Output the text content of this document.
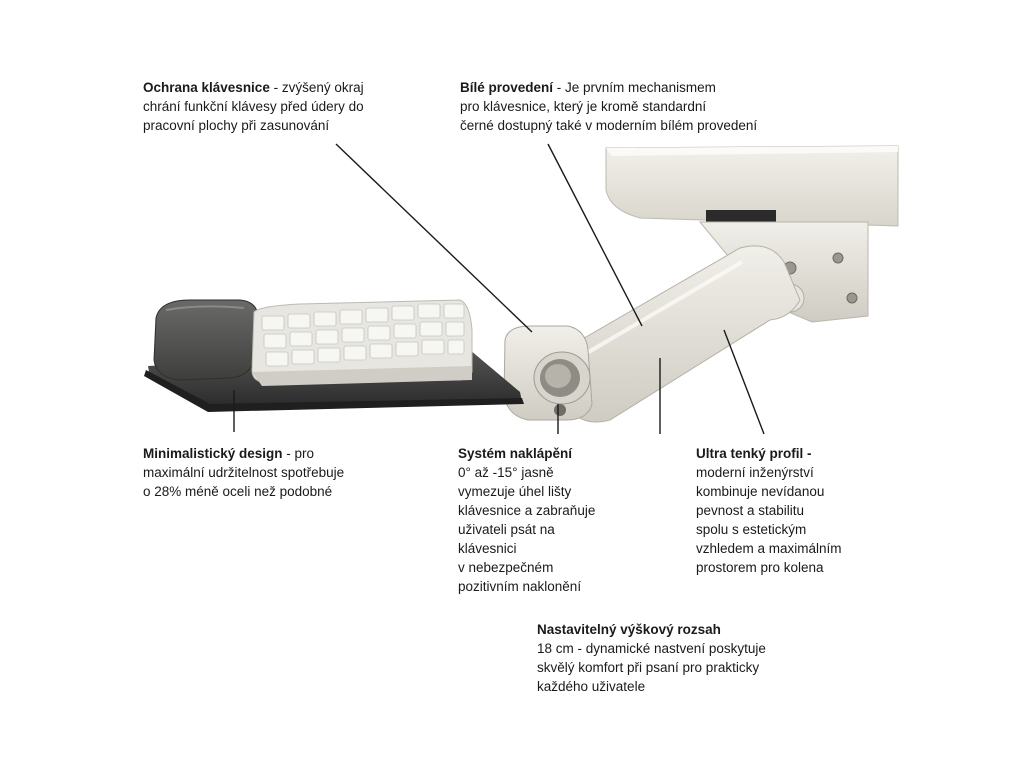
Ochrana klávesnice - zvýšený okraj
chrání funkční klávesy před údery do
pracovní plochy při zasunování
Bílé provedení - Je prvním mechanismem
pro klávesnice, který je kromě standardní
černé dostupný také v moderním bílém provedení
Minimalistický design - pro
maximální udržitelnost spotřebuje
o 28% méně oceli než podobné
Systém naklápění
0° až -15° jasně
vymezuje úhel lišty
klávesnice a zabraňuje
uživateli psát na
klávesnici
v nebezpečném
pozitivním naklonění
Ultra tenký profil -
moderní inženýrství
kombinuje nevídanou
pevnost a stabilitu
spolu s estetickým
vzhledem a maximálním
prostorem pro kolena
Nastavitelný výškový rozsah
18 cm - dynamické nastvení poskytuje
skvělý komfort při psaní pro prakticky
každého uživatele
